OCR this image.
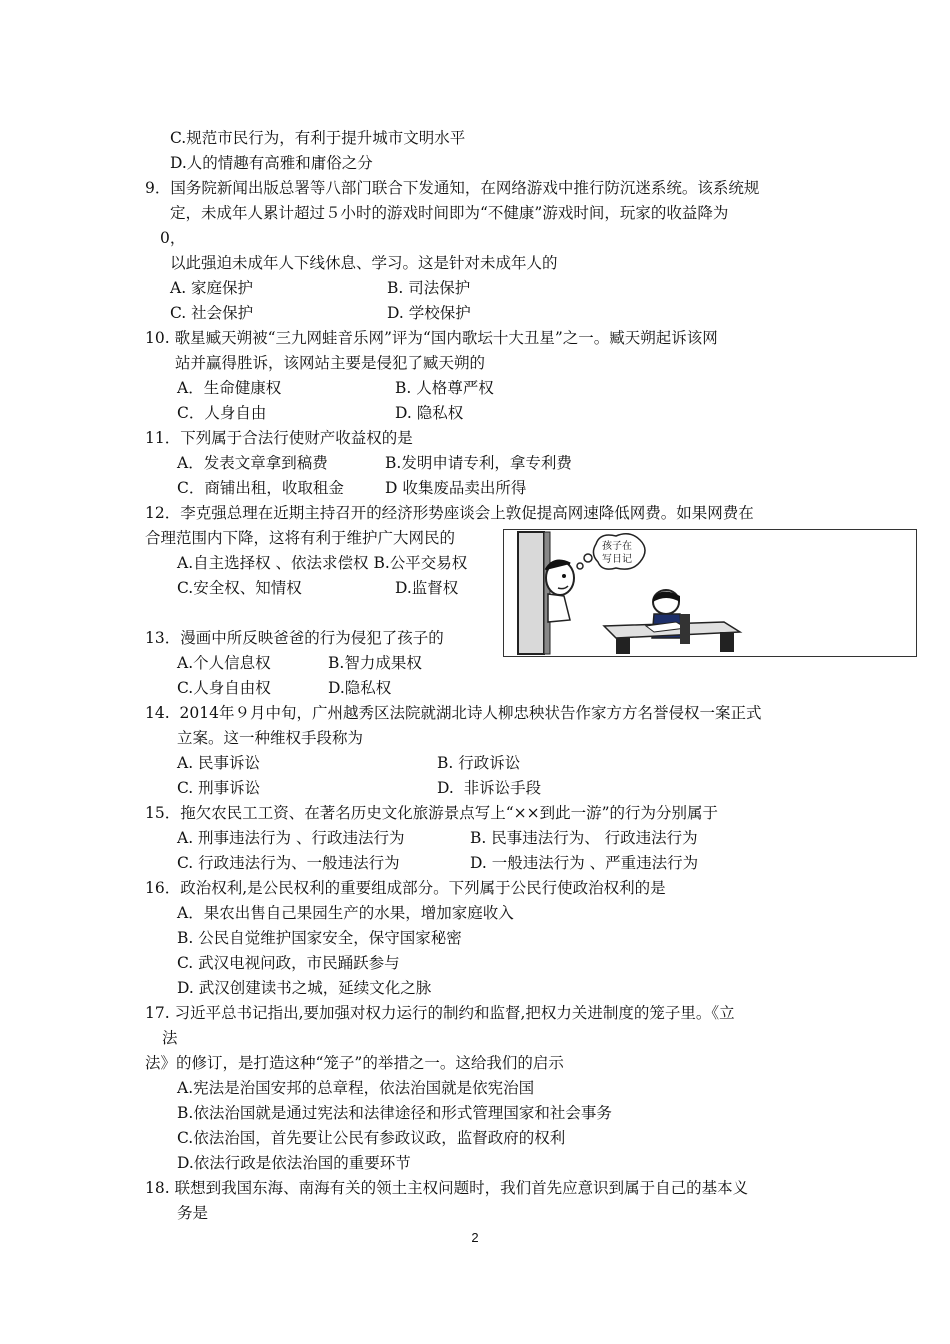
C.规范市民行为，有利于提升城市文明水平
D.人的情趣有高雅和庸俗之分
9．国务院新闻出版总署等八部门联合下发通知，在网络游戏中推行防沉迷系统。该系统规
定，未成年人累计超过５小时的游戏时间即为“不健康”游戏时间，玩家的收益降为
0，
以此强迫未成年人下线休息、学习。这是针对未成年人的
A. 家庭保护	B. 司法保护
C. 社会保护	D. 学校保护
10. 歌星臧天朔被“三九网蛙音乐网”评为“国内歌坛十大丑星”之一。臧天朔起诉该网
站并赢得胜诉，该网站主要是侵犯了臧天朔的
A．生命健康权	B. 人格尊严权
C．人身自由	D. 隐私权
11．下列属于合法行使财产收益权的是
A．发表文章拿到稿费	B.发明申请专利，拿专利费
C．商铺出租，收取租金	D 收集废品卖出所得
12．李克强总理在近期主持召开的经济形势座谈会上敦促提高网速降低网费。如果网费在
合理范围内下降，这将有利于维护广大网民的
A.自主选择权 、依法求偿权 B.公平交易权
C.安全权、知情权	D.监督权
孩子在
写日记
13．漫画中所反映爸爸的行为侵犯了孩子的
A.个人信息权	B.智力成果权
C.人身自由权	D.隐私权
14.  2014年９月中旬，广州越秀区法院就湖北诗人柳忠秧状告作家方方名誉侵权一案正式
立案。这一种维权手段称为
A. 民事诉讼	B. 行政诉讼
C. 刑事诉讼	D.  非诉讼手段
15．拖欠农民工工资、在著名历史文化旅游景点写上“××到此一游”的行为分别属于
A. 刑事违法行为 、行政违法行为	B. 民事违法行为、 行政违法行为
C. 行政违法行为、一般违法行为	D. 一般违法行为 、严重违法行为
16．政治权利,是公民权利的重要组成部分。下列属于公民行使政治权利的是
A．果农出售自己果园生产的水果，增加家庭收入
B. 公民自觉维护国家安全，保守国家秘密
C. 武汉电视问政，市民踊跃参与
D. 武汉创建读书之城，延续文化之脉
17. 习近平总书记指出,要加强对权力运行的制约和监督,把权力关进制度的笼子里。《立
法
法》的修订，是打造这种“笼子”的举措之一。这给我们的启示
A.宪法是治国安邦的总章程，依法治国就是依宪治国
B.依法治国就是通过宪法和法律途径和形式管理国家和社会事务
C.依法治国，首先要让公民有参政议政，监督政府的权利
D.依法行政是依法治国的重要环节
18. 联想到我国东海、南海有关的领土主权问题时，我们首先应意识到属于自己的基本义
务是
2
